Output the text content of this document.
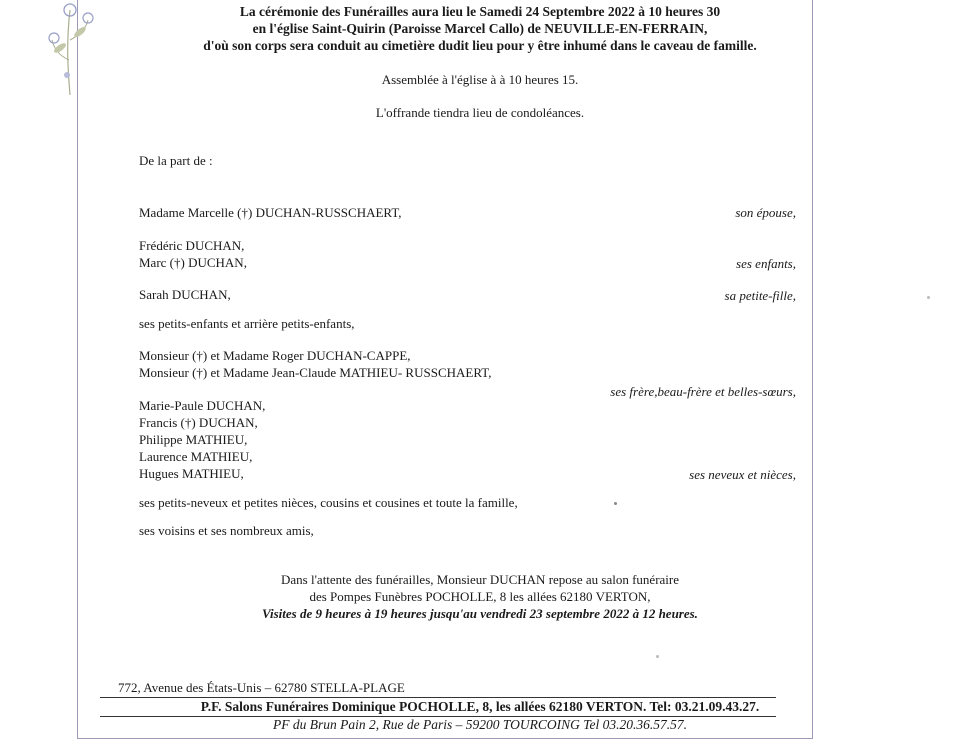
La cérémonie des Funérailles aura lieu le Samedi 24 Septembre 2022 à 10 heures 30
en l'église Saint-Quirin (Paroisse Marcel Callo) de NEUVILLE-EN-FERRAIN,
d'où son corps sera conduit au cimetière dudit lieu pour y être inhumé dans le caveau de famille.
Assemblée à l'église à à 10 heures 15.
L'offrande tiendra lieu de condoléances.
De la part de :
Madame Marcelle (†) DUCHAN-RUSSCHAERT,	son épouse,
Frédéric DUCHAN,
Marc (†) DUCHAN,	ses enfants,
Sarah DUCHAN,	sa petite-fille,
ses petits-enfants et arrière petits-enfants,
Monsieur (†) et Madame Roger DUCHAN-CAPPE,
Monsieur (†) et Madame Jean-Claude MATHIEU- RUSSCHAERT,
ses frère,beau-frère et belles-sœurs,
Marie-Paule DUCHAN,
Francis (†) DUCHAN,
Philippe MATHIEU,
Laurence MATHIEU,
Hugues MATHIEU,	ses neveux et nièces,
ses petits-neveux et petites nièces, cousins et cousines et toute la famille,
ses voisins et ses nombreux amis,
Dans l'attente des funérailles, Monsieur DUCHAN repose au salon funéraire
des Pompes Funèbres POCHOLLE, 8 les allées 62180 VERTON,
Visites de 9 heures à 19 heures jusqu'au vendredi 23 septembre 2022 à 12 heures.
772, Avenue des États-Unis – 62780 STELLA-PLAGE
P.F. Salons Funéraires Dominique POCHOLLE, 8, les allées 62180 VERTON. Tel: 03.21.09.43.27.
PF du Brun Pain 2, Rue de Paris – 59200 TOURCOING Tel 03.20.36.57.57.
